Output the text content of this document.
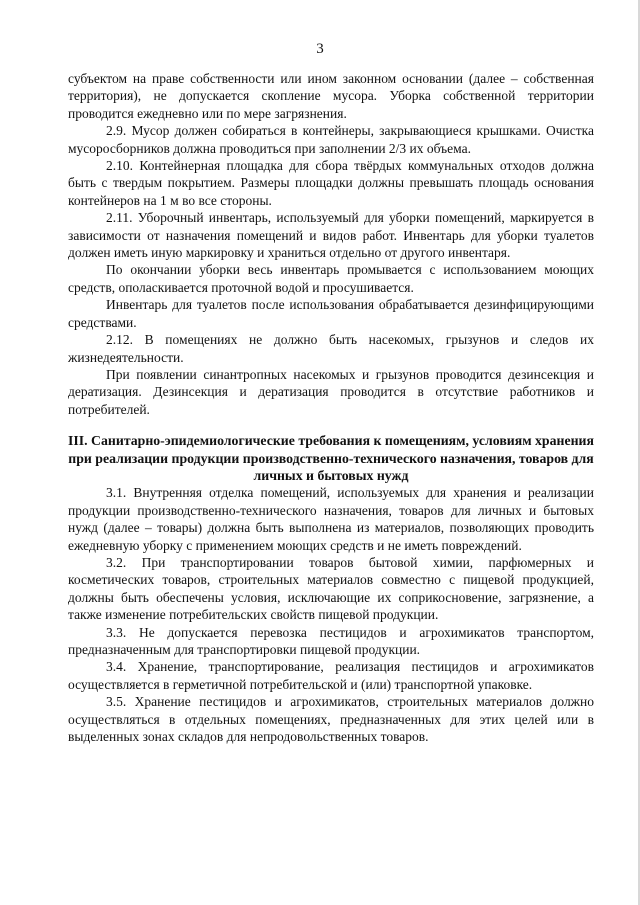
3

субъектом на праве собственности или ином законном основании (далее – собственная территория), не допускается скопление мусора. Уборка собственной территории проводится ежедневно или по мере загрязнения.

2.9. Мусор должен собираться в контейнеры, закрывающиеся крышками. Очистка мусоросборников должна проводиться при заполнении 2/3 их объема.

2.10. Контейнерная площадка для сбора твёрдых коммунальных отходов должна быть с твердым покрытием. Размеры площадки должны превышать площадь основания контейнеров на 1 м во все стороны.

2.11. Уборочный инвентарь, используемый для уборки помещений, маркируется в зависимости от назначения помещений и видов работ. Инвентарь для уборки туалетов должен иметь иную маркировку и храниться отдельно от другого инвентаря.

По окончании уборки весь инвентарь промывается с использованием моющих средств, ополаскивается проточной водой и просушивается.

Инвентарь для туалетов после использования обрабатывается дезинфицирующими средствами.

2.12. В помещениях не должно быть насекомых, грызунов и следов их жизнедеятельности.

При появлении синантропных насекомых и грызунов проводится дезинсекция и дератизация. Дезинсекция и дератизация проводится в отсутствие работников и потребителей.

III. Санитарно-эпидемиологические требования к помещениям, условиям хранения при реализации продукции производственно-технического назначения, товаров для личных и бытовых нужд

3.1. Внутренняя отделка помещений, используемых для хранения и реализации продукции производственно-технического назначения, товаров для личных и бытовых нужд (далее – товары) должна быть выполнена из материалов, позволяющих проводить ежедневную уборку с применением моющих средств и не иметь повреждений.

3.2. При транспортировании товаров бытовой химии, парфюмерных и косметических товаров, строительных материалов совместно с пищевой продукцией, должны быть обеспечены условия, исключающие их соприкосновение, загрязнение, а также изменение потребительских свойств пищевой продукции.

3.3. Не допускается перевозка пестицидов и агрохимикатов транспортом, предназначенным для транспортировки пищевой продукции.

3.4. Хранение, транспортирование, реализация пестицидов и агрохимикатов осуществляется в герметичной потребительской и (или) транспортной упаковке.

3.5. Хранение пестицидов и агрохимикатов, строительных материалов должно осуществляться в отдельных помещениях, предназначенных для этих целей или в выделенных зонах складов для непродовольственных товаров.
